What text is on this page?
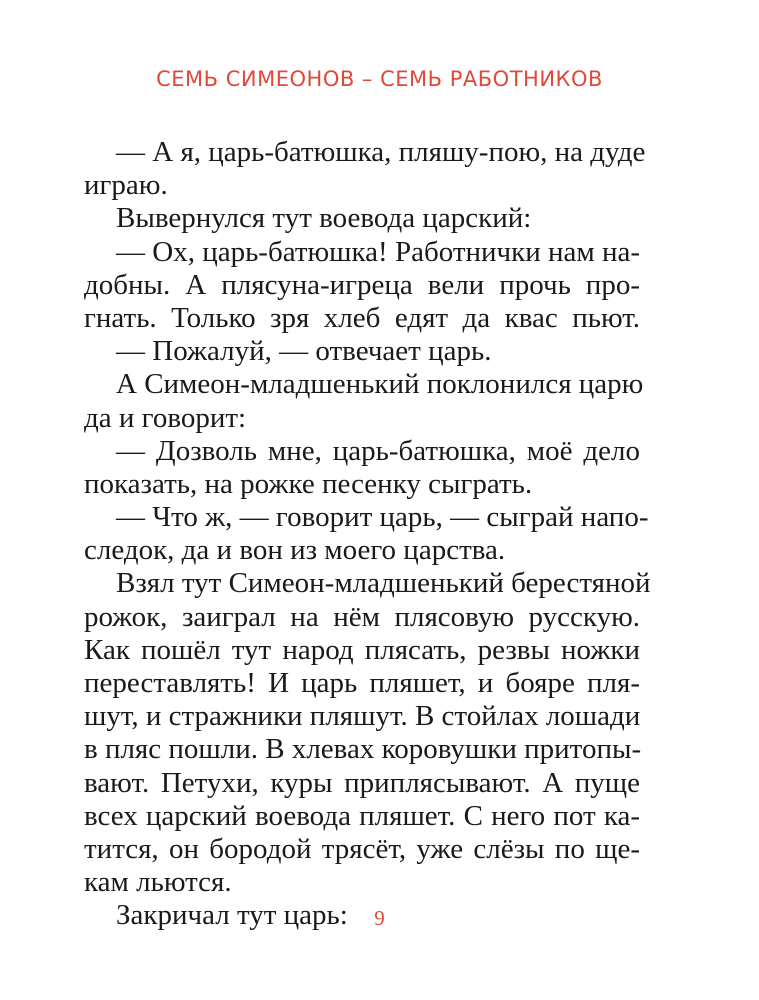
СЕМЬ СИМЕОНОВ – СЕМЬ РАБОТНИКОВ
— А я, царь-батюшка, пляшу-пою, на дуде
играю.
Вывернулся тут воевода царский:
— Ох, царь-батюшка! Работнички нам на-
добны. А плясуна-игреца вели прочь про-
гнать. Только зря хлеб едят да квас пьют.
— Пожалуй, — отвечает царь.
А Симеон-младшенький поклонился царю
да и говорит:
— Дозволь мне, царь-батюшка, моё дело
показать, на рожке песенку сыграть.
— Что ж, — говорит царь, — сыграй напо-
следок, да и вон из моего царства.
Взял тут Симеон-младшенький берестяной
рожок, заиграл на нём плясовую русскую.
Как пошёл тут народ плясать, резвы ножки
переставлять! И царь пляшет, и бояре пля-
шут, и стражники пляшут. В стойлах лошади
в пляс пошли. В хлевах коровушки притопы-
вают. Петухи, куры приплясывают. А пуще
всех царский воевода пляшет. С него пот ка-
тится, он бородой трясёт, уже слёзы по ще-
кам льются.
Закричал тут царь:	9
